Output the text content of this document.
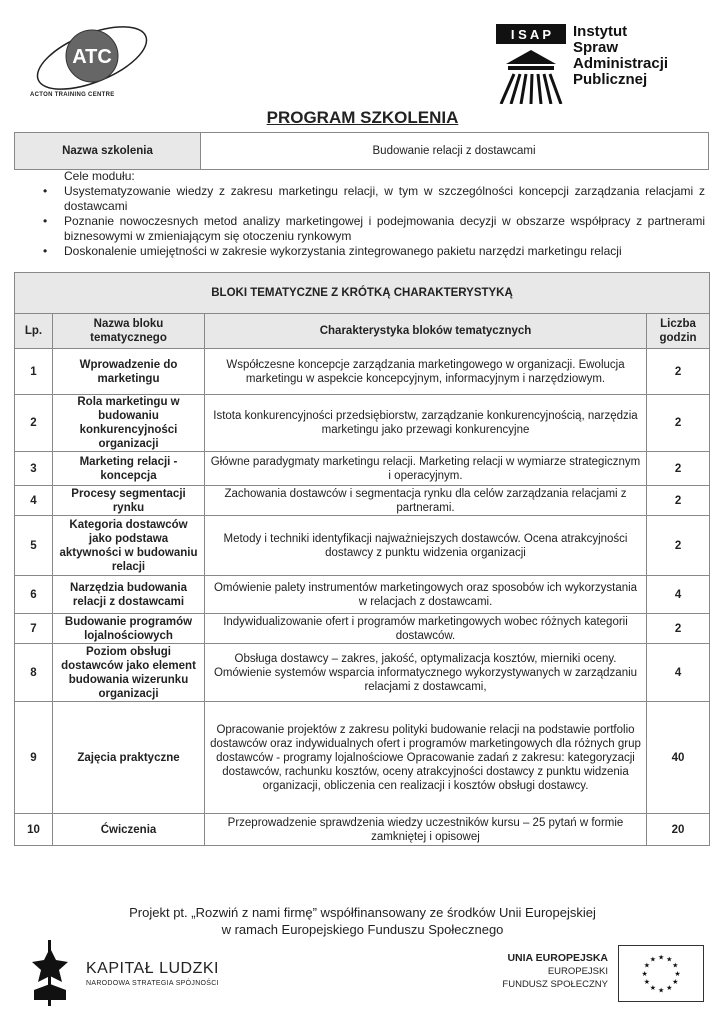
ATC
ACTON TRAINING CENTRE
I S A P Instytut
Spraw
Administracji
Publicznej
PROGRAM SZKOLENIA
Nazwa szkolenia	Budowanie relacji z dostawcami
Cele modułu:
• Usystematyzowanie wiedzy z zakresu marketingu relacji, w tym w szczególności koncepcji zarządzania relacjami z dostawcami
• Poznanie nowoczesnych metod analizy marketingowej i podejmowania decyzji w obszarze współpracy z partnerami biznesowymi w zmieniającym się otoczeniu rynkowym
• Doskonalenie umiejętności w zakresie wykorzystania zintegrowanego pakietu narzędzi marketingu relacji
BLOKI TEMATYCZNE Z KRÓTKĄ CHARAKTERYSTYKĄ			
Lp.	Nazwa bloku tematycznego	Charakterystyka bloków tematycznych	Liczba godzin
1	Wprowadzenie do marketingu	Współczesne koncepcje zarządzania marketingowego w organizacji. Ewolucja marketingu w aspekcie koncepcyjnym, informacyjnym i narzędziowym.	2
2	Rola marketingu w budowaniu konkurencyjności organizacji	Istota konkurencyjności przedsiębiorstw, zarządzanie konkurencyjnością, narzędzia marketingu jako przewagi konkurencyjne	2
3	Marketing relacji - koncepcja	Główne paradygmaty marketingu relacji. Marketing relacji w wymiarze strategicznym i operacyjnym.	2
4	Procesy segmentacji rynku	Zachowania dostawców i segmentacja rynku dla celów zarządzania relacjami z partnerami.	2
5	Kategoria dostawców jako podstawa aktywności w budowaniu relacji	Metody i techniki identyfikacji najważniejszych dostawców. Ocena atrakcyjności dostawcy z punktu widzenia organizacji	2
6	Narzędzia budowania relacji z dostawcami	Omówienie palety instrumentów marketingowych oraz sposobów ich wykorzystania w relacjach z dostawcami.	4
7	Budowanie programów lojalnościowych	Indywidualizowanie ofert i programów marketingowych wobec różnych kategorii dostawców.	2
8	Poziom obsługi dostawców jako element budowania wizerunku organizacji	Obsługa dostawcy – zakres, jakość, optymalizacja kosztów, mierniki oceny. Omówienie systemów wsparcia informatycznego wykorzystywanych w zarządzaniu relacjami z dostawcami,	4
9	Zajęcia praktyczne	Opracowanie projektów z zakresu polityki budowanie relacji na podstawie portfolio dostawców oraz indywidualnych ofert i programów marketingowych dla różnych grup dostawców - programy lojalnościowe Opracowanie zadań z zakresu: kategoryzacji dostawców, rachunku kosztów, oceny atrakcyjności dostawcy z punktu widzenia organizacji, obliczenia cen realizacji i kosztów obsługi dostawcy.	40
10	Ćwiczenia	Przeprowadzenie sprawdzenia wiedzy uczestników kursu – 25 pytań w formie zamkniętej i opisowej	20
Projekt pt. „Rozwiń z nami firmę” współfinansowany ze środków Unii Europejskiej
w ramach Europejskiego Funduszu Społecznego
KAPITAŁ LUDZKI
NARODOWA STRATEGIA SPÓJNOŚCI
UNIA EUROPEJSKA
EUROPEJSKI
FUNDUSZ SPOŁECZNY
★
★
★
★
★
★
★
★
★ ★ ★
★
